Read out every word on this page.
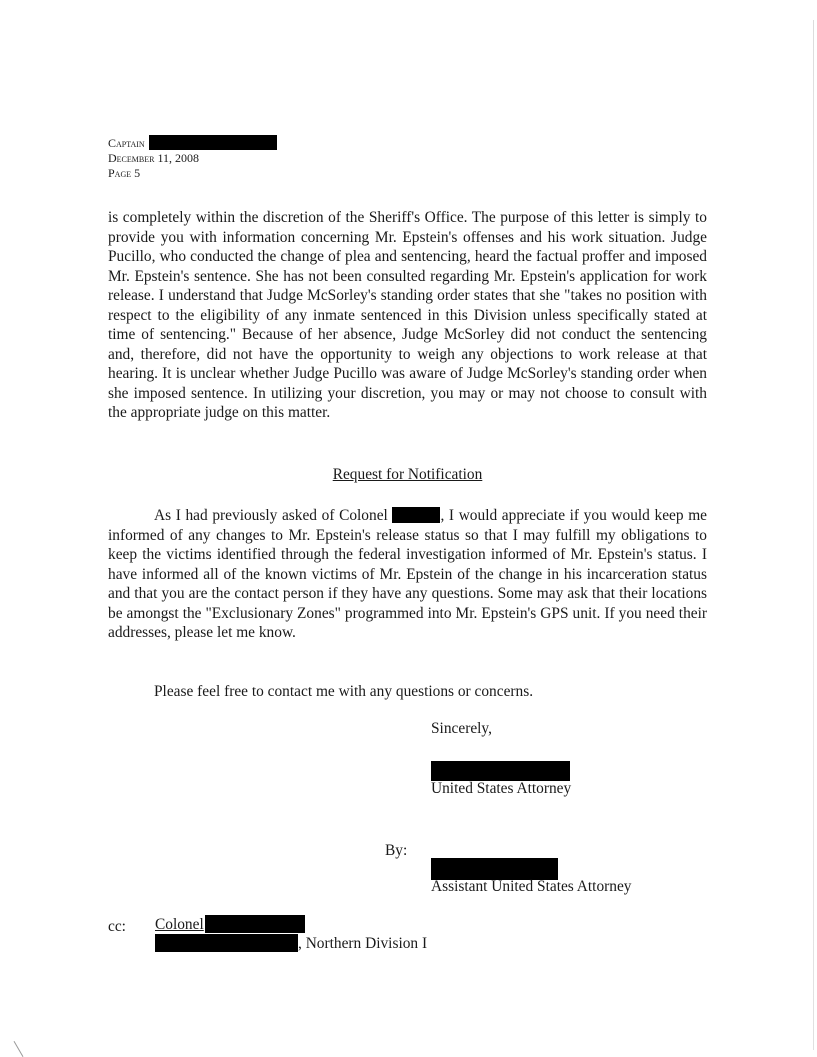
Captain
December 11, 2008
Page 5

is completely within the discretion of the Sheriff's Office. The purpose of this letter is simply to provide you with information concerning Mr. Epstein's offenses and his work situation. Judge Pucillo, who conducted the change of plea and sentencing, heard the factual proffer and imposed Mr. Epstein's sentence. She has not been consulted regarding Mr. Epstein's application for work release. I understand that Judge McSorley's standing order states that she "takes no position with respect to the eligibility of any inmate sentenced in this Division unless specifically stated at time of sentencing." Because of her absence, Judge McSorley did not conduct the sentencing and, therefore, did not have the opportunity to weigh any objections to work release at that hearing. It is unclear whether Judge Pucillo was aware of Judge McSorley's standing order when she imposed sentence. In utilizing your discretion, you may or may not choose to consult with the appropriate judge on this matter.

Request for Notification

As I had previously asked of Colonel	, I would appreciate if you would keep me informed of any changes to Mr. Epstein's release status so that I may fulfill my obligations to keep the victims identified through the federal investigation informed of Mr. Epstein's status. I have informed all of the known victims of Mr. Epstein of the change in his incarceration status and that you are the contact person if they have any questions. Some may ask that their locations be amongst the "Exclusionary Zones" programmed into Mr. Epstein's GPS unit. If you need their addresses, please let me know.

Please feel free to contact me with any questions or concerns.

Sincerely,
United States Attorney
By:
Assistant United States Attorney
cc: Colonel
, Northern Division I
